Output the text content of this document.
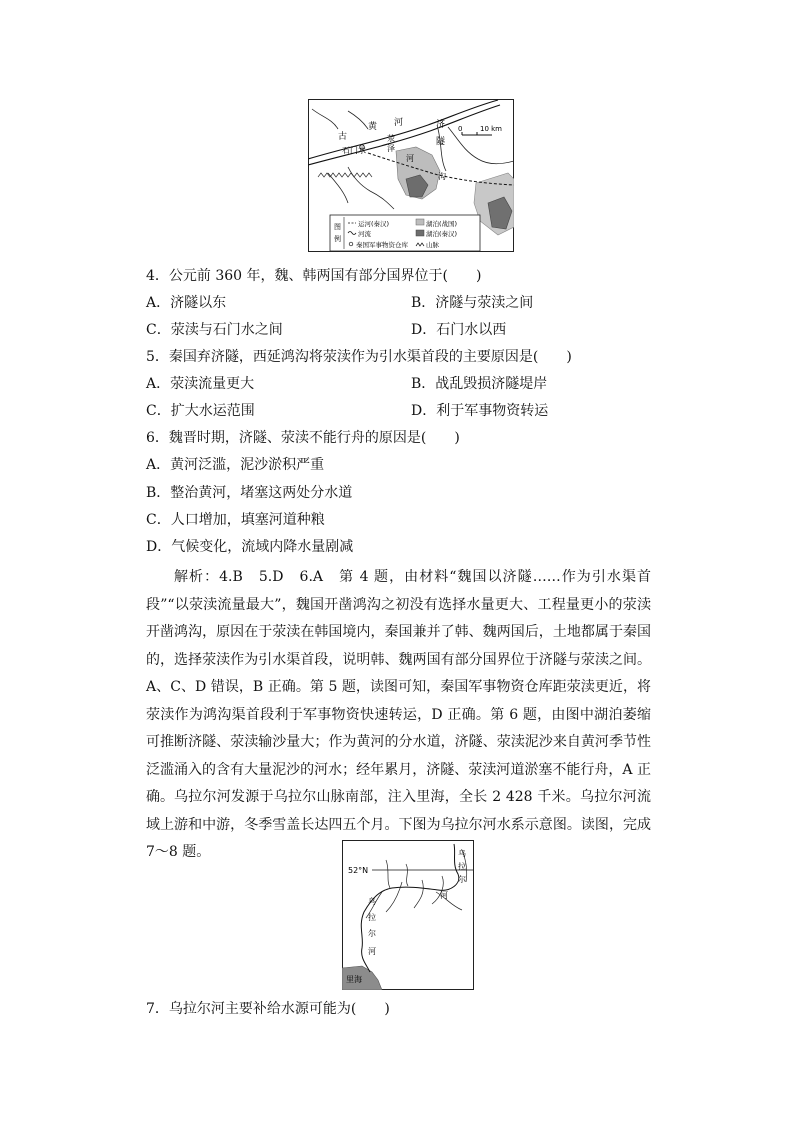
古
黄 河	济
隧
荥
泽
石门水
河
沟
0	10 km
图
例
运河(秦汉)
河流
秦国军事物资仓库
湖泊(战国)
湖泊(秦汉)
山脉
4．公元前 360 年，魏、韩两国有部分国界位于(　　)
A．济隧以东	B．济隧与荥渎之间
C．荥渎与石门水之间	D．石门水以西
5．秦国弃济隧，西延鸿沟将荥渎作为引水渠首段的主要原因是(　　)
A．荥渎流量更大	B．战乱毁损济隧堤岸
C．扩大水运范围	D．利于军事物资转运
6．魏晋时期，济隧、荥渎不能行舟的原因是(　　)
A．黄河泛滥，泥沙淤积严重
B．整治黄河，堵塞这两处分水道
C．人口增加，填塞河道种粮
D．气候变化，流域内降水量剧减
解析：4.B　5.D　6.A　第 4 题，由材料“魏国以济隧……作为引水渠首段”“以荥渎流量最大”，魏国开凿鸿沟之初没有选择水量更大、工程量更小的荥渎开凿鸿沟，原因在于荥渎在韩国境内，秦国兼并了韩、魏两国后，土地都属于秦国的，选择荥渎作为引水渠首段，说明韩、魏两国有部分国界位于济隧与荥渎之间。A、C、D 错误，B 正确。第 5 题，读图可知，秦国军事物资仓库距荥渎更近，将荥渎作为鸿沟渠首段利于军事物资快速转运，D 正确。第 6 题，由图中湖泊萎缩可推断济隧、荥渎输沙量大；作为黄河的分水道，济隧、荥渎泥沙来自黄河季节性泛滥涌入的含有大量泥沙的河水；经年累月，济隧、荥渎河道淤塞不能行舟，A 正确。 乌拉尔河发源于乌拉尔山脉南部，注入里海，全长 2 428 千米。乌拉尔河流域上游和中游，冬季雪盖长达四五个月。下图为乌拉尔河水系示意图。读图，完成 7～8 题。
52°N
乌
拉
尔
河
乌
拉
尔
河
里海
7．乌拉尔河主要补给水源可能为(　　)
